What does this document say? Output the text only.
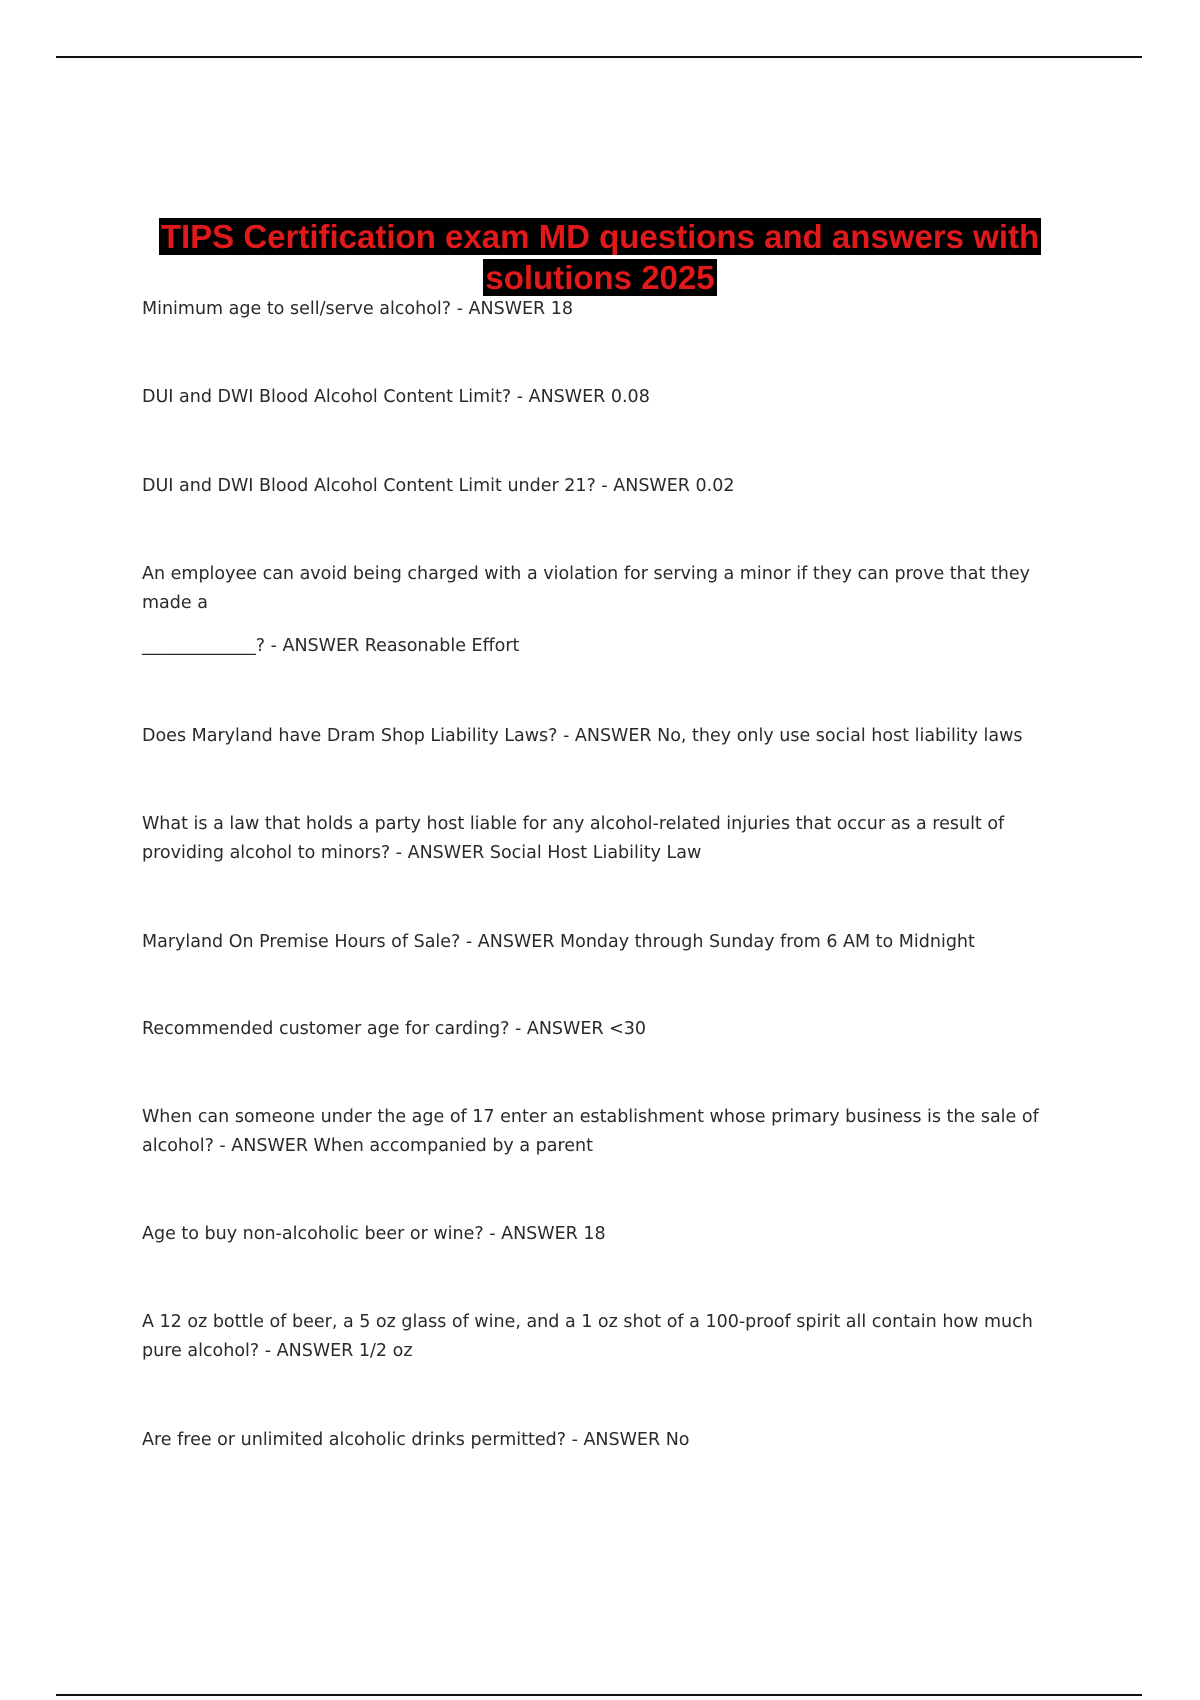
TIPS Certification exam MD questions and answers with solutions 2025

Minimum age to sell/serve alcohol? - ANSWER 18

DUI and DWI Blood Alcohol Content Limit? - ANSWER 0.08

DUI and DWI Blood Alcohol Content Limit under 21? - ANSWER 0.02

An employee can avoid being charged with a violation for serving a minor if they can prove that they made a

_____________? - ANSWER Reasonable Effort

Does Maryland have Dram Shop Liability Laws? - ANSWER No, they only use social host liability laws

What is a law that holds a party host liable for any alcohol-related injuries that occur as a result of providing alcohol to minors? - ANSWER Social Host Liability Law

Maryland On Premise Hours of Sale? - ANSWER Monday through Sunday from 6 AM to Midnight

Recommended customer age for carding? - ANSWER <30

When can someone under the age of 17 enter an establishment whose primary business is the sale of alcohol? - ANSWER When accompanied by a parent

Age to buy non-alcoholic beer or wine? - ANSWER 18

A 12 oz bottle of beer, a 5 oz glass of wine, and a 1 oz shot of a 100-proof spirit all contain how much pure alcohol? - ANSWER 1/2 oz

Are free or unlimited alcoholic drinks permitted? - ANSWER No
